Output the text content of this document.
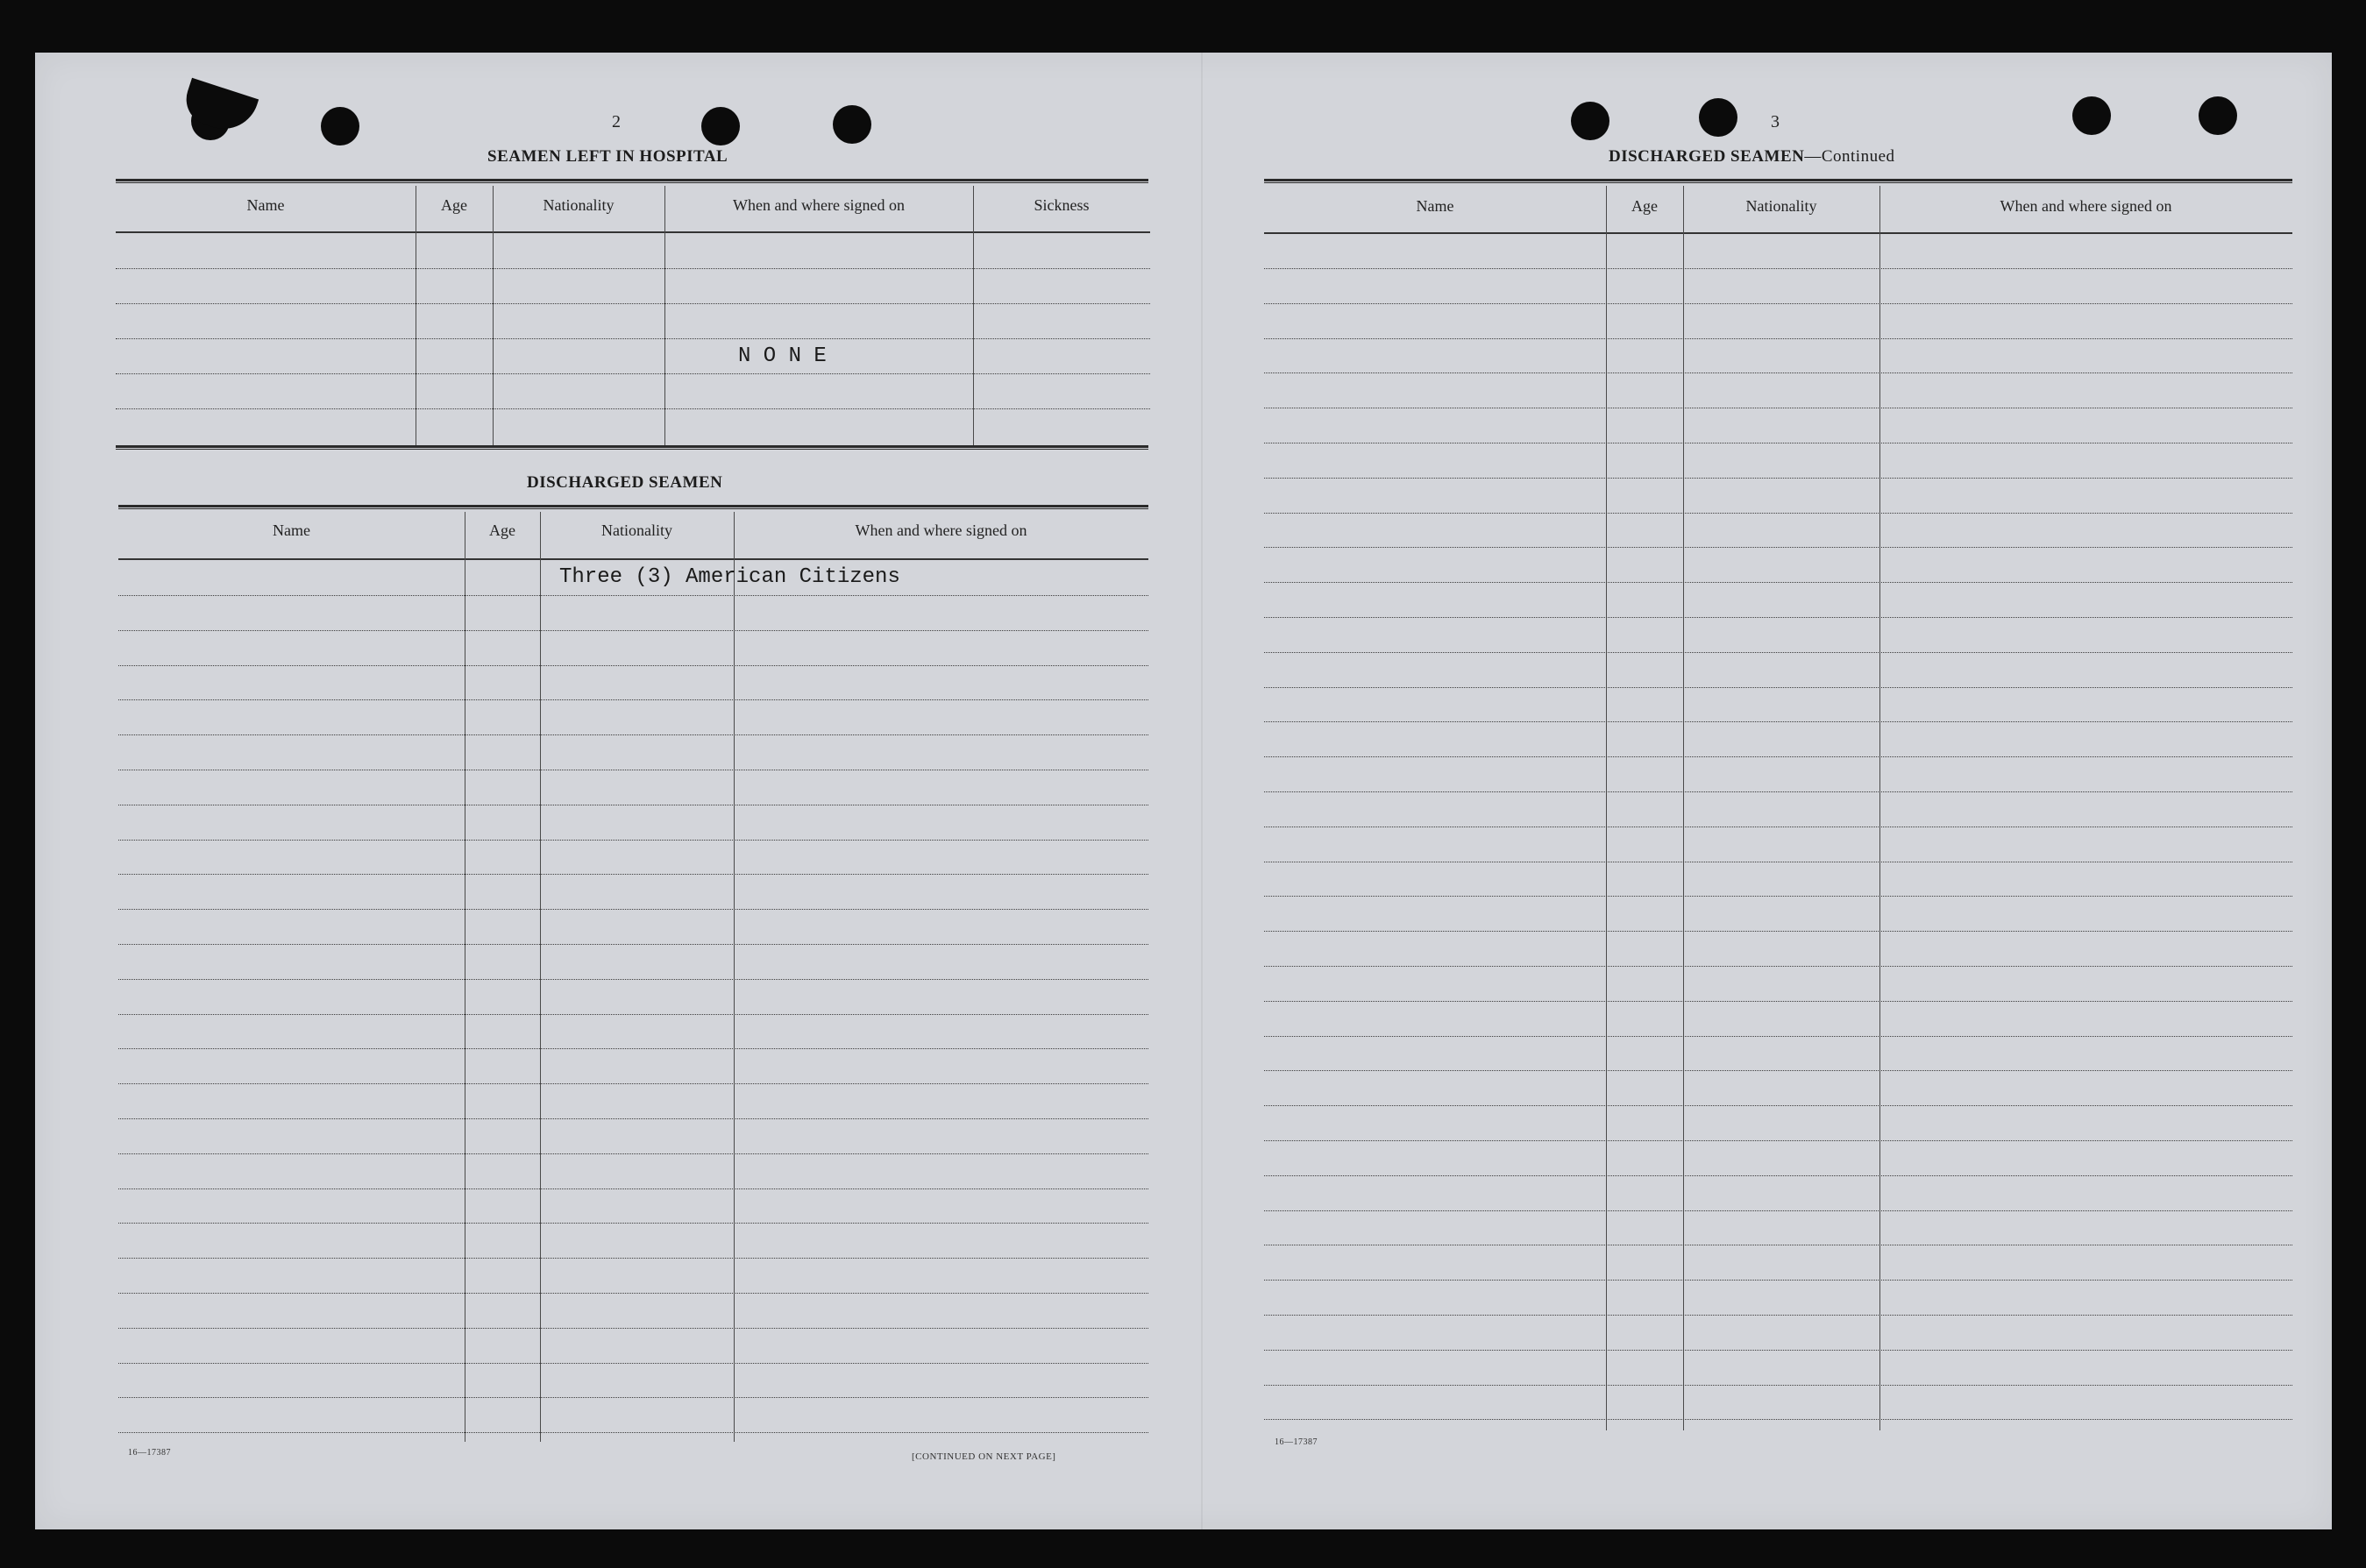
2
SEAMEN LEFT IN HOSPITAL
Name	Age	Nationality	When and where signed on	Sickness
N O N E
DISCHARGED SEAMEN
Name	Age	Nationality	When and where signed on
Three (3) American Citizens
16—17387	[CONTINUED ON NEXT PAGE]
3
DISCHARGED SEAMEN—Continued
Name	Age	Nationality	When and where signed on
16—17387
